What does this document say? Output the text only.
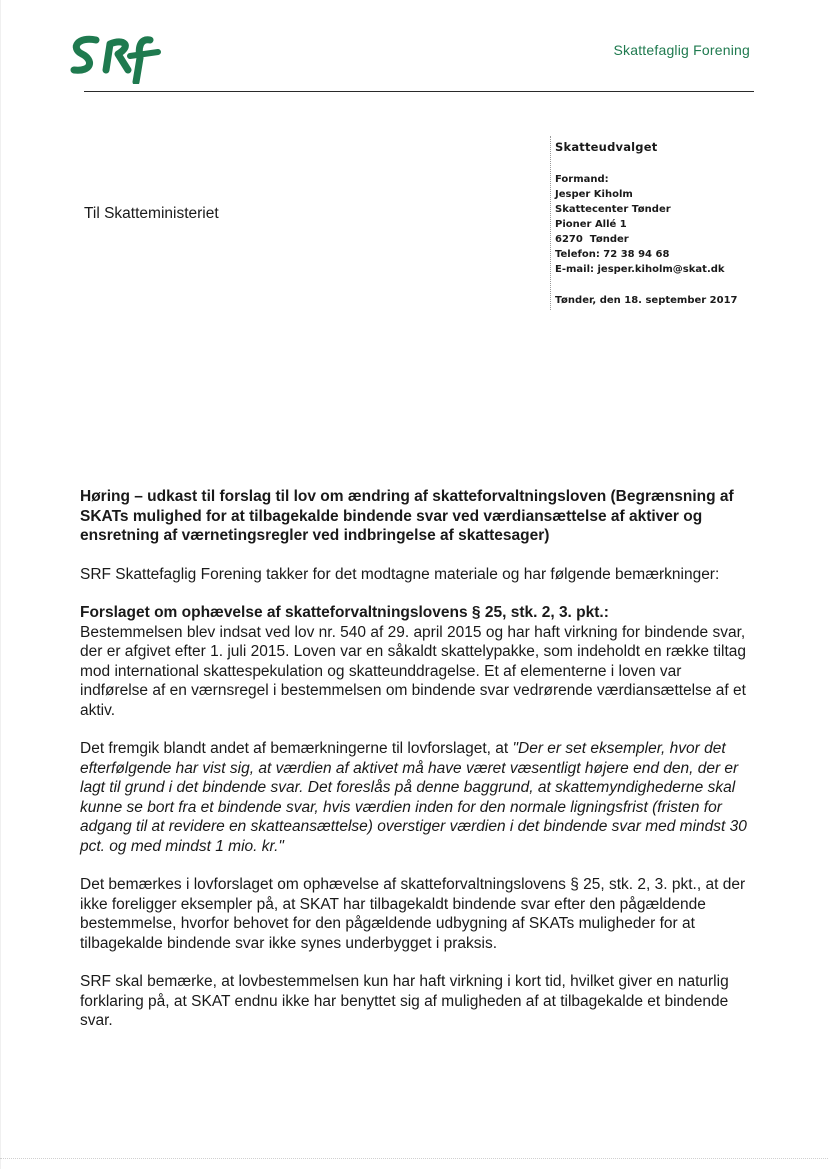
Skattefaglig Forening
Til Skatteministeriet
Skatteudvalget
Formand:
Jesper Kiholm
Skattecenter Tønder
Pioner Allé 1
6270  Tønder
Telefon: 72 38 94 68
E-mail: jesper.kiholm@skat.dk
Tønder, den 18. september 2017

Høring – udkast til forslag til lov om ændring af skatteforvaltningsloven (Begrænsning af SKATs mulighed for at tilbagekalde bindende svar ved værdiansættelse af aktiver og ensretning af værnetingsregler ved indbringelse af skattesager)

SRF Skattefaglig Forening takker for det modtagne materiale og har følgende bemærkninger:

Forslaget om ophævelse af skatteforvaltningslovens § 25, stk. 2, 3. pkt.:
Bestemmelsen blev indsat ved lov nr. 540 af 29. april 2015 og har haft virkning for bindende svar, der er afgivet efter 1. juli 2015. Loven var en såkaldt skattelypakke, som indeholdt en række tiltag mod international skattespekulation og skatteunddragelse. Et af elementerne i loven var indførelse af en værnsregel i bestemmelsen om bindende svar vedrørende værdiansættelse af et aktiv.

Det fremgik blandt andet af bemærkningerne til lovforslaget, at "Der er set eksempler, hvor det efterfølgende har vist sig, at værdien af aktivet må have været væsentligt højere end den, der er lagt til grund i det bindende svar. Det foreslås på denne baggrund, at skattemyndighederne skal kunne se bort fra et bindende svar, hvis værdien inden for den normale ligningsfrist (fristen for adgang til at revidere en skatteansættelse) overstiger værdien i det bindende svar med mindst 30 pct. og med mindst 1 mio. kr."

Det bemærkes i lovforslaget om ophævelse af skatteforvaltningslovens § 25, stk. 2, 3. pkt., at der ikke foreligger eksempler på, at SKAT har tilbagekaldt bindende svar efter den pågældende bestemmelse, hvorfor behovet for den pågældende udbygning af SKATs muligheder for at tilbagekalde bindende svar ikke synes underbygget i praksis.

SRF skal bemærke, at lovbestemmelsen kun har haft virkning i kort tid, hvilket giver en naturlig forklaring på, at SKAT endnu ikke har benyttet sig af muligheden af at tilbagekalde et bindende svar.
